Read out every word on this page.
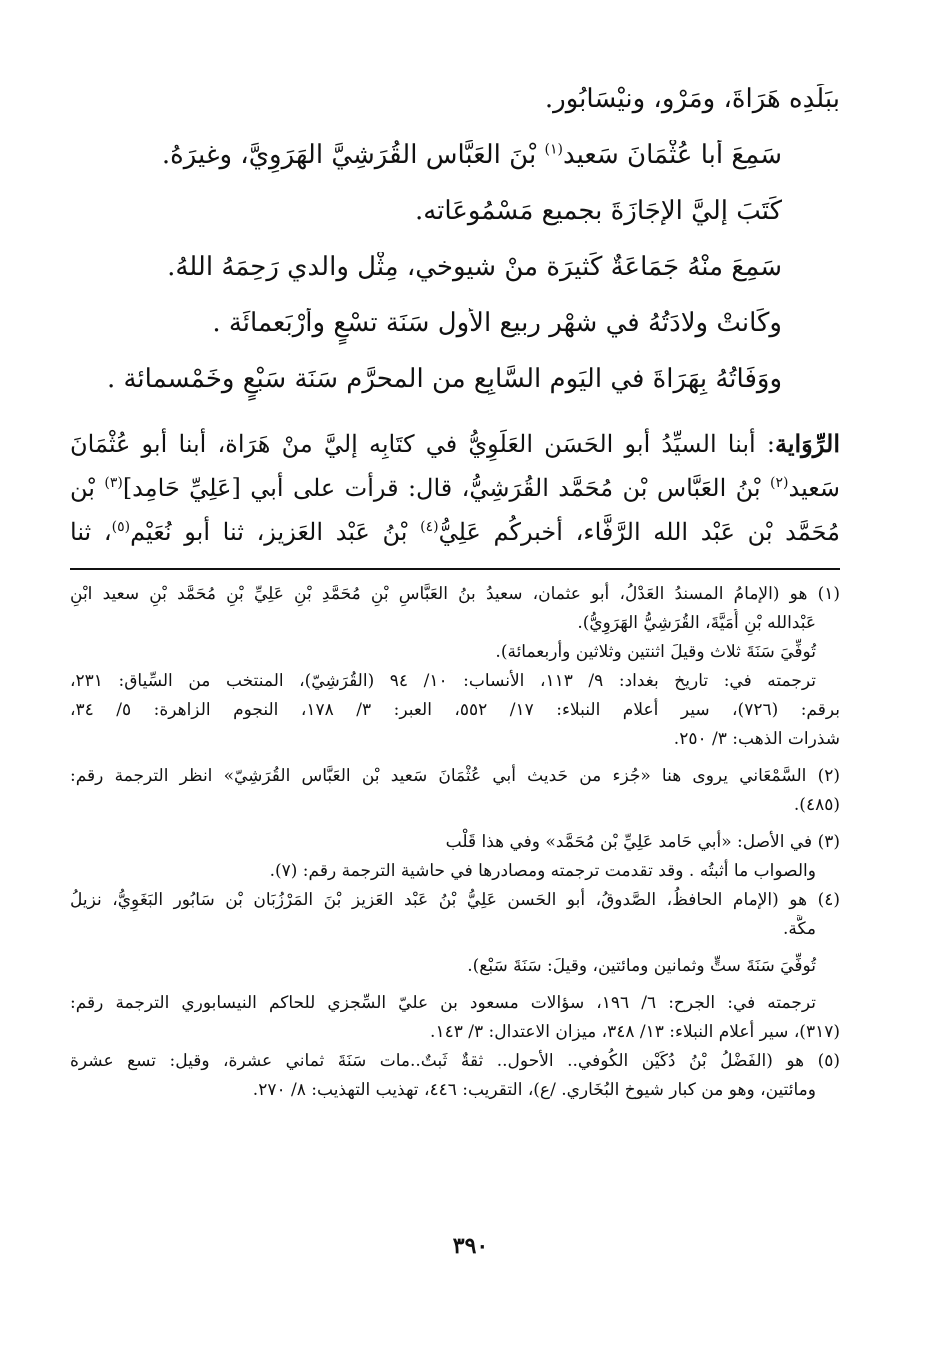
ببَلَدِه هَرَاةَ، ومَرْو، ونيْسَابُور.
سَمِعَ أبا عُثْمَانَ سَعيد$^{(١)}$ بْنَ العَبَّاس القُرَشِيَّ الهَرَوِيَّ، وغيرَهُ.
كَتَبَ إليَّ الإجَازَةَ بجميع مَسْمُوعَاته.
سَمِعَ منْهُ جَمَاعَةٌ كَثيرَة منْ شيوخي، مِثْل والدي رَحِمَهُ اللهُ.
وكَانتْ ولادَتُهُ في شهْر ربيع الأول سَنَة تسْعٍ وأَرْبَعمائَة .
ووَفَاتُهُ بِهَرَاةَ في اليَوم السَّابِع من المحرَّم سَنَة سَبْعٍ وخَمْسمائة .
الرِّوَاية: أبنا السيِّدُ أبو الحَسَن العَلَوِيُّ في كتَابِه إليَّ منْ هَرَاة، أبنا أبو عُثْمَانَ
سَعيد$^{(٢)}$ بْنُ العَبَّاس بْن مُحَمَّد القُرَشِيُّ، قال: قرأت على أبي [عَلِيِّ حَامِد]$^{(٣)}$ بْن
مُحَمَّد بْن عَبْد الله الرَّفَّاء، أخبركُم عَلِيُّ$^{(٤)}$ بْنُ عَبْد العَزيز، ثنا أبو نُعَيْم$^{(٥)}$، ثنا
(١) هو (الإمامُ المسندُ العَدْلُ، أبو عثمان، سعيدُ بنُ العَبَّاسِ بْنِ مُحَمَّدِ بْنِ عَلِيِّ بْنِ مُحَمَّد بْنِ سعيد ابْنِ
عَبْدالله بْنِ أُمَيَّةَ، القُرَشِيُّ الهَرَوِيُّ).
تُوفِّيَ سَنَةَ ثلاث وقيلَ اثنتين وثلاثين وأربعمائة).
ترجمته في: تاريخ بغداد: ٩/ ١١٣، الأنساب: ١٠/ ٩٤ (القُرَشِيّ)، المنتخب من السِّياق: ٢٣١،
برقم: (٧٢٦)، سير أعلام النبلاء: ١٧/ ٥٥٢، العبر: ٣/ ١٧٨، النجوم الزاهرة: ٥/ ٣٤،
شذرات الذهب: ٣/ ٢٥٠.
(٢) السَّمْعَاني يروى هنا «جُزء من حَديث أبي عُثْمَانَ سَعيد بْن العَبَّاس القُرَشِيّ» انظر الترجمة رقم:
(٤٨٥).
(٣) في الأصل: «أبي حَامد عَلِيِّ بْن مُحَمَّد» وفي هذا قَلْب
والصواب ما أثبتُه . وقد تقدمت ترجمته ومصادرها في حاشية الترجمة رقم: (٧).
(٤) هو (الإمام الحافظُ، الصَّدوقُ، أبو الحَسن عَلِيُّ بْنُ عَبْد العَزيز بْنَ المَرْزُبَان بْن سَابُور البَغَوِيُّ، نزيلُ
مكَّة.
تُوفِّيَ سَنَةَ ستٍّ وثمانين ومائتين، وقيلَ: سَنَةَ سَبْع).
ترجمته في: الجرح: ٦/ ١٩٦، سؤالات مسعود بن عليّ السِّجزي للحاكم النيسابوري الترجمة رقم:
(٣١٧)، سير أعلام النبلاء: ١٣/ ٣٤٨، ميزان الاعتدال: ٣/ ١٤٣.
(٥) هو (الفَضْلُ بْنُ دُكَيْن الكُوفي.. الأحول.. ثقةٌ ثَبتٌ..مات سَنَةَ ثماني عشرة، وقيل: تسع عشرة
ومائتين، وهو من كبار شيوخ البُخَاري. /ع)، التقريب: ٤٤٦، تهذيب التهذيب: ٨/ ٢٧٠.
٣٩٠
